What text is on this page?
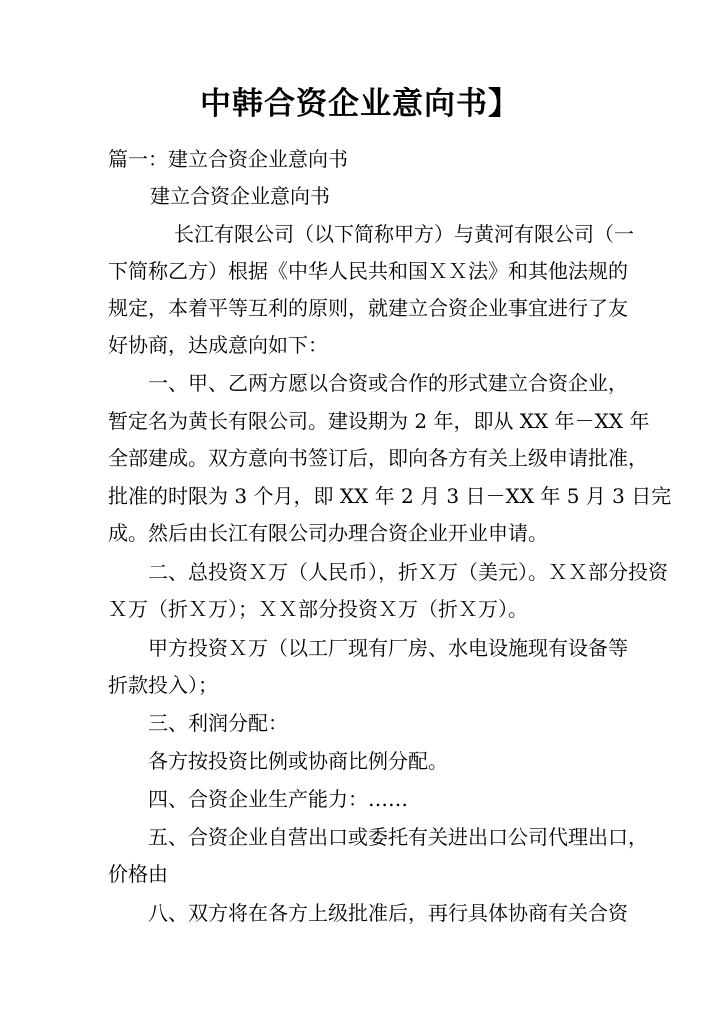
中韩合资企业意向书】
篇一：建立合资企业意向书
建立合资企业意向书
长江有限公司（以下简称甲方）与黄河有限公司（一
下简称乙方）根据《中华人民共和国ＸＸ法》和其他法规的
规定，本着平等互利的原则，就建立合资企业事宜进行了友
好协商，达成意向如下：
一、甲、乙两方愿以合资或合作的形式建立合资企业，
暂定名为黄长有限公司。建设期为 2 年，即从 XX 年－XX 年
全部建成。双方意向书签订后，即向各方有关上级申请批准，
批准的时限为 3 个月，即 XX 年 2 月 3 日－XX 年 5 月 3 日完
成。然后由长江有限公司办理合资企业开业申请。
二、总投资Ｘ万（人民币），折Ｘ万（美元）。ＸＸ部分投资
Ｘ万（折Ｘ万）；ＸＸ部分投资Ｘ万（折Ｘ万）。
甲方投资Ｘ万（以工厂现有厂房、水电设施现有设备等
折款投入）；
三、利润分配：
各方按投资比例或协商比例分配。
四、合资企业生产能力：……
五、合资企业自营出口或委托有关进出口公司代理出口，
价格由
八、双方将在各方上级批准后，再行具体协商有关合资
